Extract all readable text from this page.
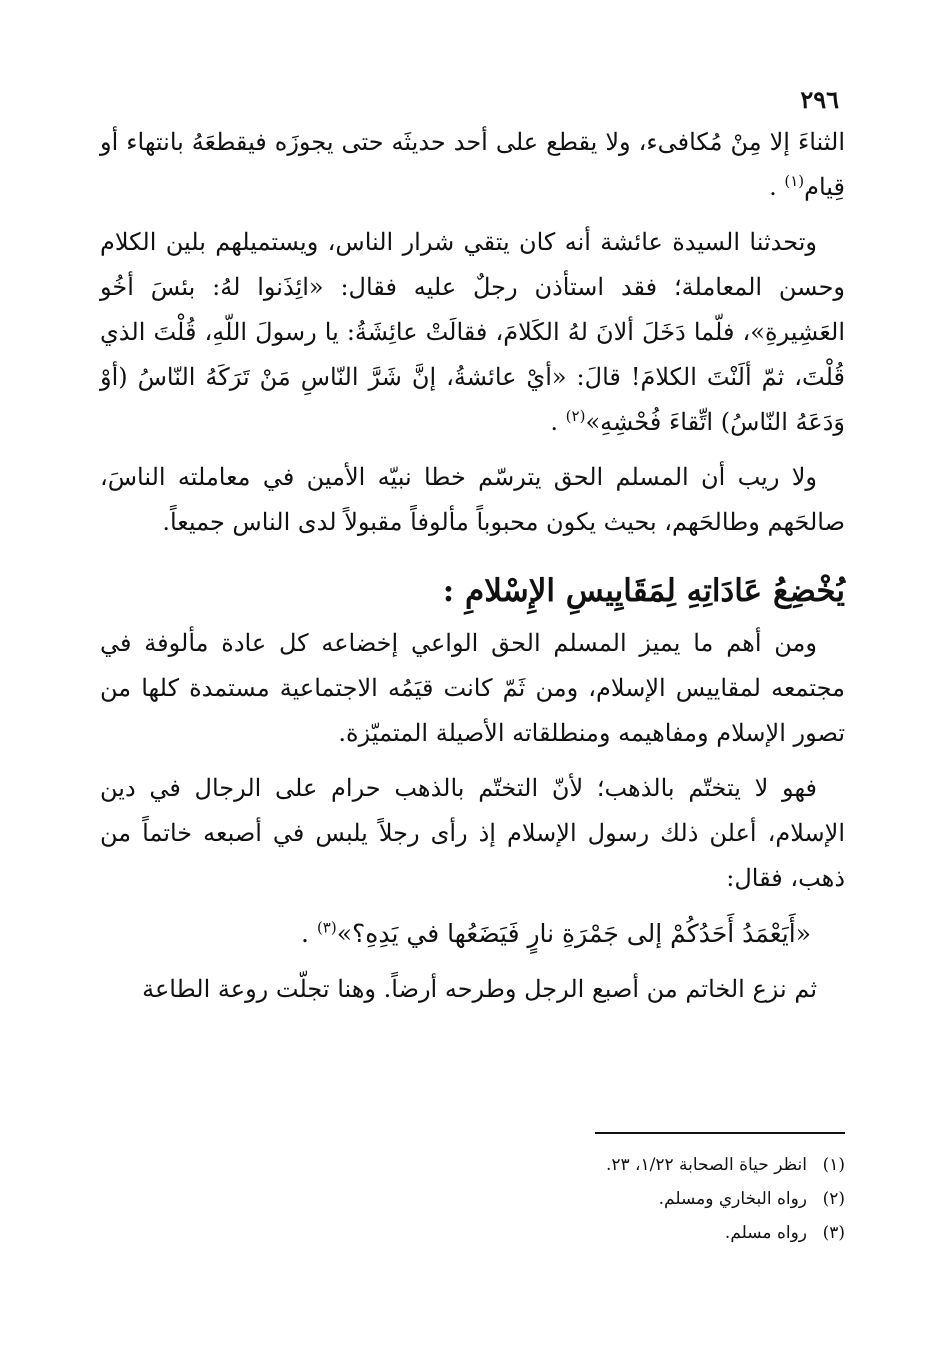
٢٩٦

الثناءَ إلا مِنْ مُكافىء، ولا يقطع على أحد حديثَه حتى يجوزَه فيقطعَهُ بانتهاء أو قِيام$^{(١)}$ .

وتحدثنا السيدة عائشة أنه كان يتقي شرار الناس، ويستميلهم بلين الكلام وحسن المعاملة؛ فقد استأذن رجلٌ عليه فقال: «ائِذَنوا لهُ: بئسَ أخُو العَشِيرةِ»، فلّما دَخَلَ ألانَ لهُ الكَلامَ، فقالَتْ عائِشَةُ: يا رسولَ اللّهِ، قُلْتَ الذي قُلْتَ، ثمّ ألَنْتَ الكلامَ! قالَ: «أيْ عائشةُ، إنَّ شَرَّ النّاسِ مَنْ تَرَكَهُ النّاسُ (أوْ وَدَعَهُ النّاسُ) اتِّقاءَ فُحْشِهِ»$^{(٢)}$ .

ولا ريب أن المسلم الحق يترسّم خطا نبيّه الأمين في معاملته الناسَ، صالحَهم وطالحَهم، بحيث يكون محبوباً مألوفاً مقبولاً لدى الناس جميعاً.

يُخْضِعُ عَادَاتِهِ لِمَقَايِيسِ الإِسْلامِ :

ومن أهم ما يميز المسلم الحق الواعي إخضاعه كل عادة مألوفة في مجتمعه لمقاييس الإسلام، ومن ثَمّ كانت قيَمُه الاجتماعية مستمدة كلها من تصور الإسلام ومفاهيمه ومنطلقاته الأصيلة المتميّزة.

فهو لا يتختّم بالذهب؛ لأنّ التختّم بالذهب حرام على الرجال في دين الإسلام، أعلن ذلك رسول الإسلام إذ رأى رجلاً يلبس في أصبعه خاتماً من ذهب، فقال:

«أَيَعْمَدُ أَحَدُكُمْ إلى جَمْرَةِ نارٍ فَيَضَعُها في يَدِهِ؟»$^{(٣)}$ .

ثم نزع الخاتم من أصبع الرجل وطرحه أرضاً. وهنا تجلّت روعة الطاعة

(١)انظر حياة الصحابة ١/٢٢، ٢٣.
(٢)رواه البخاري ومسلم.
(٣)رواه مسلم.
